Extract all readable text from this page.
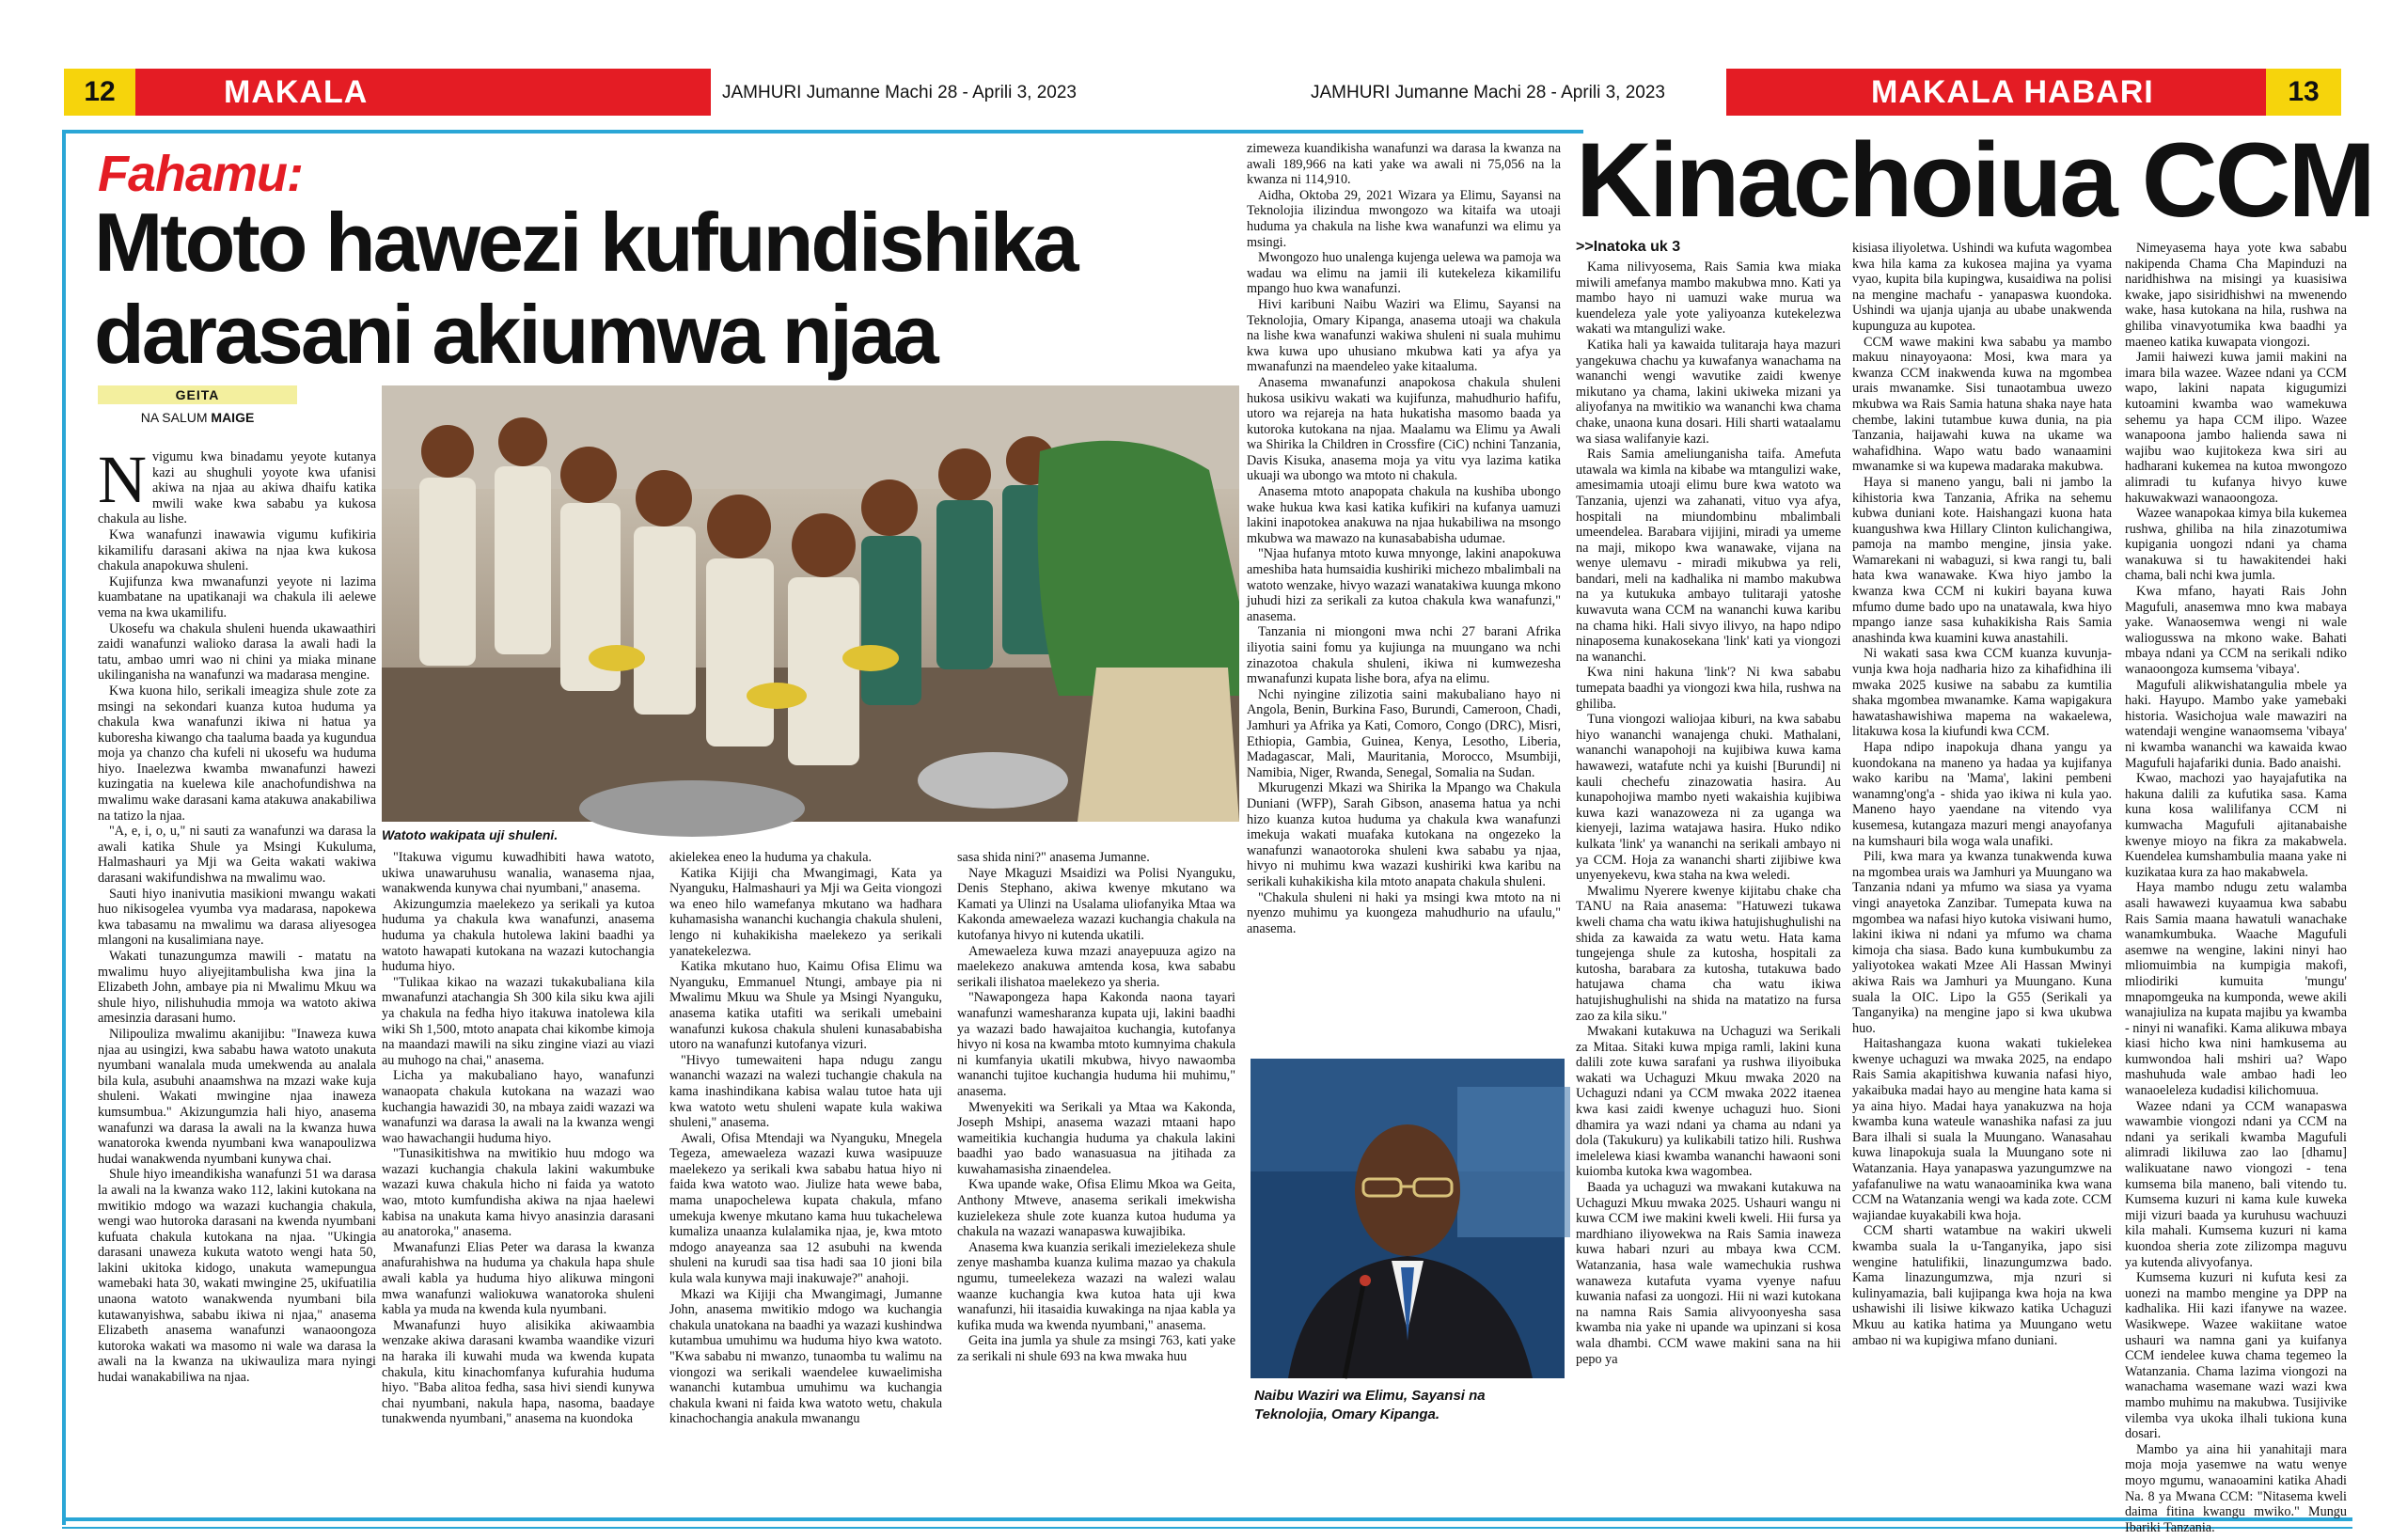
12	MAKALA	JAMHURI Jumanne Machi 28 - Aprili 3, 2023	JAMHURI Jumanne Machi 28 - Aprili 3, 2023	MAKALA HABARI	13
Fahamu:
Mtoto hawezi kufundishika
darasani akiumwa njaa
GEITA
NA SALUM MAIGE
Watoto wakipata uji shuleni.

Nvigumu kwa binadamu yeyote kutanya kazi au shughuli yoyote kwa ufanisi akiwa na njaa au akiwa dhaifu katika mwili wake kwa sababu ya kukosa chakula au lishe.

Kwa wanafunzi inawawia vigumu kufikiria kikamilifu darasani akiwa na njaa kwa kukosa chakula anapokuwa shuleni.

Kujifunza kwa mwanafunzi yeyote ni lazima kuambatane na upatikanaji wa chakula ili aelewe vema na kwa ukamilifu.

Ukosefu wa chakula shuleni huenda ukawaathiri zaidi wanafunzi walioko darasa la awali hadi la tatu, ambao umri wao ni chini ya miaka minane ukilinganisha na wanafunzi wa madarasa mengine.

Kwa kuona hilo, serikali imeagiza shule zote za msingi na sekondari kuanza kutoa huduma ya chakula kwa wanafunzi ikiwa ni hatua ya kuboresha kiwango cha taaluma baada ya kugundua moja ya chanzo cha kufeli ni ukosefu wa huduma hiyo. Inaelezwa kwamba mwanafunzi hawezi kuzingatia na kuelewa kile anachofundishwa na mwalimu wake darasani kama atakuwa anakabiliwa na tatizo la njaa.

"A, e, i, o, u," ni sauti za wanafunzi wa darasa la awali katika Shule ya Msingi Kukuluma, Halmashauri ya Mji wa Geita wakati wakiwa darasani wakifundishwa na mwalimu wao.

Sauti hiyo inanivutia masikioni mwangu wakati huo nikisogelea vyumba vya madarasa, napokewa kwa tabasamu na mwalimu wa darasa aliyesogea mlangoni na kusalimiana naye.

Wakati tunazungumza mawili - matatu na mwalimu huyo aliyejitambulisha kwa jina la Elizabeth John, ambaye pia ni Mwalimu Mkuu wa shule hiyo, nilishuhudia mmoja wa watoto akiwa amesinzia darasani humo.

Nilipouliza mwalimu akanijibu: "Inaweza kuwa njaa au usingizi, kwa sababu hawa watoto unakuta nyumbani wanalala muda umekwenda au analala bila kula, asubuhi anaamshwa na mzazi wake kuja shuleni. Wakati mwingine njaa inaweza kumsumbua." Akizungumzia hali hiyo, anasema wanafunzi wa darasa la awali na la kwanza huwa wanatoroka kwenda nyumbani kwa wanapoulizwa hudai wanakwenda nyumbani kunywa chai.

Shule hiyo imeandikisha wanafunzi 51 wa darasa la awali na la kwanza wako 112, lakini kutokana na mwitikio mdogo wa wazazi kuchangia chakula, wengi wao hutoroka darasani na kwenda nyumbani kufuata chakula kutokana na njaa. "Ukingia darasani unaweza kukuta watoto wengi hata 50, lakini ukitoka kidogo, unakuta wamepungua wamebaki hata 30, wakati mwingine 25, ukifuatilia unaona watoto wanakwenda nyumbani bila kutawanyishwa, sababu ikiwa ni njaa," anasema Elizabeth anasema wanafunzi wanaoongoza kutoroka wakati wa masomo ni wale wa darasa la awali na la kwanza na ukiwauliza mara nyingi hudai wanakabiliwa na njaa.

"Itakuwa vigumu kuwadhibiti hawa watoto, ukiwa unawaruhusu wanalia, wanasema njaa, wanakwenda kunywa chai nyumbani," anasema.

Akizungumzia maelekezo ya serikali ya kutoa huduma ya chakula kwa wanafunzi, anasema huduma ya chakula hutolewa lakini baadhi ya watoto hawapati kutokana na wazazi kutochangia huduma hiyo.

"Tulikaa kikao na wazazi tukakubaliana kila mwanafunzi atachangia Sh 300 kila siku kwa ajili ya chakula na fedha hiyo itakuwa inatolewa kila wiki Sh 1,500, mtoto anapata chai kikombe kimoja na maandazi mawili na siku zingine viazi au viazi au muhogo na chai," anasema.

Licha ya makubaliano hayo, wanafunzi wanaopata chakula kutokana na wazazi wao kuchangia hawazidi 30, na mbaya zaidi wazazi wa wanafunzi wa darasa la awali na la kwanza wengi wao hawachangii huduma hiyo.

"Tunasikitishwa na mwitikio huu mdogo wa wazazi kuchangia chakula lakini wakumbuke wazazi kuwa chakula hicho ni faida ya watoto wao, mtoto kumfundisha akiwa na njaa haelewi kabisa na unakuta kama hivyo anasinzia darasani au anatoroka," anasema.

Mwanafunzi Elias Peter wa darasa la kwanza anafurahishwa na huduma ya chakula hapa shule awali kabla ya huduma hiyo alikuwa mingoni mwa wanafunzi waliokuwa wanatoroka shuleni kabla ya muda na kwenda kula nyumbani.

Mwanafunzi huyo alisikika akiwaambia wenzake akiwa darasani kwamba waandike vizuri na haraka ili kuwahi muda wa kwenda kupata chakula, kitu kinachomfanya kufurahia huduma hiyo. "Baba alitoa fedha, sasa hivi siendi kunywa chai nyumbani, nakula hapa, nasoma, baadaye tunakwenda nyumbani," anasema na kuondoka

akielekea eneo la huduma ya chakula.

Katika Kijiji cha Mwangimagi, Kata ya Nyanguku, Halmashauri ya Mji wa Geita viongozi wa eneo hilo wamefanya mkutano wa hadhara kuhamasisha wananchi kuchangia chakula shuleni, lengo ni kuhakikisha maelekezo ya serikali yanatekelezwa.

Katika mkutano huo, Kaimu Ofisa Elimu wa Nyanguku, Emmanuel Ntungi, ambaye pia ni Mwalimu Mkuu wa Shule ya Msingi Nyanguku, anasema katika utafiti wa serikali umebaini wanafunzi kukosa chakula shuleni kunasababisha utoro na wanafunzi kutofanya vizuri.

"Hivyo tumewaiteni hapa ndugu zangu wananchi wazazi na walezi tuchangie chakula na kama inashindikana kabisa walau tutoe hata uji kwa watoto wetu shuleni wapate kula wakiwa shuleni," anasema.

Awali, Ofisa Mtendaji wa Nyanguku, Mnegela Tegeza, amewaeleza wazazi kuwa wasipuuze maelekezo ya serikali kwa sababu hatua hiyo ni faida kwa watoto wao. Jiulize hata wewe baba, mama unapochelewa kupata chakula, mfano umekuja kwenye mkutano kama huu tukachelewa kumaliza unaanza kulalamika njaa, je, kwa mtoto mdogo anayeanza saa 12 asubuhi na kwenda shuleni na kurudi saa tisa hadi saa 10 jioni bila kula wala kunywa maji inakuwaje?" anahoji.

Mkazi wa Kijiji cha Mwangimagi, Jumanne John, anasema mwitikio mdogo wa kuchangia chakula unatokana na baadhi ya wazazi kushindwa kutambua umuhimu wa huduma hiyo kwa watoto. "Kwa sababu ni mwanzo, tunaomba tu walimu na viongozi wa serikali waendelee kuwaelimisha wananchi kutambua umuhimu wa kuchangia chakula kwani ni faida kwa watoto wetu, chakula kinachochangia anakula mwanangu

sasa shida nini?" anasema Jumanne.

Naye Mkaguzi Msaidizi wa Polisi Nyanguku, Denis Stephano, akiwa kwenye mkutano wa Kamati ya Ulinzi na Usalama uliofanyika Mtaa wa Kakonda amewaeleza wazazi kuchangia chakula na kutofanya hivyo ni kutenda ukatili.

Amewaeleza kuwa mzazi anayepuuza agizo na maelekezo anakuwa amtenda kosa, kwa sababu serikali ilishatoa maelekezo ya sheria.

"Nawapongeza hapa Kakonda naona tayari wanafunzi wamesharanza kupata uji, lakini baadhi ya wazazi bado hawajaitoa kuchangia, kutofanya hivyo ni kosa na kwamba mtoto kumnyima chakula ni kumfanyia ukatili mkubwa, hivyo nawaomba wananchi tujitoe kuchangia huduma hii muhimu," anasema.

Mwenyekiti wa Serikali ya Mtaa wa Kakonda, Joseph Mshipi, anasema wazazi mtaani hapo wameitikia kuchangia huduma ya chakula lakini baadhi yao bado wanasuasua na jitihada za kuwahamasisha zinaendelea.

Kwa upande wake, Ofisa Elimu Mkoa wa Geita, Anthony Mtweve, anasema serikali imekwisha kuzielekeza shule zote kuanza kutoa huduma ya chakula na wazazi wanapaswa kuwajibika.

Anasema kwa kuanzia serikali imezielekeza shule zenye mashamba kuanza kulima mazao ya chakula ngumu, tumeelekeza wazazi na walezi walau waanze kuchangia kwa kutoa hata uji kwa wanafunzi, hii itasaidia kuwakinga na njaa kabla ya kufika muda wa kwenda nyumbani," anasema.

Geita ina jumla ya shule za msingi 763, kati yake za serikali ni shule 693 na kwa mwaka huu

zimeweza kuandikisha wanafunzi wa darasa la kwanza na awali 189,966 na kati yake wa awali ni 75,056 na la kwanza ni 114,910.

Aidha, Oktoba 29, 2021 Wizara ya Elimu, Sayansi na Teknolojia ilizindua mwongozo wa kitaifa wa utoaji huduma ya chakula na lishe kwa wanafunzi wa elimu ya msingi.

Mwongozo huo unalenga kujenga uelewa wa pamoja wa wadau wa elimu na jamii ili kutekeleza kikamilifu mpango huo kwa wanafunzi.

Hivi karibuni Naibu Waziri wa Elimu, Sayansi na Teknolojia, Omary Kipanga, anasema utoaji wa chakula na lishe kwa wanafunzi wakiwa shuleni ni suala muhimu kwa kuwa upo uhusiano mkubwa kati ya afya ya mwanafunzi na maendeleo yake kitaaluma.

Anasema mwanafunzi anapokosa chakula shuleni hukosa usikivu wakati wa kujifunza, mahudhurio hafifu, utoro wa rejareja na hata hukatisha masomo baada ya kutoroka kutokana na njaa. Maalamu wa Elimu ya Awali wa Shirika la Children in Crossfire (CiC) nchini Tanzania, Davis Kisuka, anasema moja ya vitu vya lazima katika ukuaji wa ubongo wa mtoto ni chakula.

Anasema mtoto anapopata chakula na kushiba ubongo wake hukua kwa kasi katika kufikiri na kufanya uamuzi lakini inapotokea anakuwa na njaa hukabiliwa na msongo mkubwa wa mawazo na kunasababisha udumae.

"Njaa hufanya mtoto kuwa mnyonge, lakini anapokuwa ameshiba hata humsaidia kushiriki michezo mbalimbali na watoto wenzake, hivyo wazazi wanatakiwa kuunga mkono juhudi hizi za serikali za kutoa chakula kwa wanafunzi," anasema.

Tanzania ni miongoni mwa nchi 27 barani Afrika iliyotia saini fomu ya kujiunga na muungano wa nchi zinazotoa chakula shuleni, ikiwa ni kumwezesha mwanafunzi kupata lishe bora, afya na elimu.

Nchi nyingine zilizotia saini makubaliano hayo ni Angola, Benin, Burkina Faso, Burundi, Cameroon, Chadi, Jamhuri ya Afrika ya Kati, Comoro, Congo (DRC), Misri, Ethiopia, Gambia, Guinea, Kenya, Lesotho, Liberia, Madagascar, Mali, Mauritania, Morocco, Msumbiji, Namibia, Niger, Rwanda, Senegal, Somalia na Sudan.

Mkurugenzi Mkazi wa Shirika la Mpango wa Chakula Duniani (WFP), Sarah Gibson, anasema hatua ya nchi hizo kuanza kutoa huduma ya chakula kwa wanafunzi imekuja wakati muafaka kutokana na ongezeko la wanafunzi wanaotoroka shuleni kwa sababu ya njaa, hivyo ni muhimu kwa wazazi kushiriki kwa karibu na serikali kuhakikisha kila mtoto anapata chakula shuleni.

"Chakula shuleni ni haki ya msingi kwa mtoto na ni nyenzo muhimu ya kuongeza mahudhurio na ufaulu," anasema.

Naibu Waziri wa Elimu, Sayansi na
Teknolojia, Omary Kipanga.
Kinachoiua CCM
>>Inatoka uk 3

Kama nilivyosema, Rais Samia kwa miaka miwili amefanya mambo makubwa mno. Kati ya mambo hayo ni uamuzi wake murua wa kuendeleza yale yote yaliyoanza kutekelezwa wakati wa mtangulizi wake.

Katika hali ya kawaida tulitaraja haya mazuri yangekuwa chachu ya kuwafanya wanachama na wananchi wengi wavutike zaidi kwenye mikutano ya chama, lakini ukiweka mizani ya aliyofanya na mwitikio wa wananchi kwa chama chake, unaona kuna dosari. Hili sharti wataalamu wa siasa walifanyie kazi.

Rais Samia ameliunganisha taifa. Amefuta utawala wa kimla na kibabe wa mtangulizi wake, amesimamia utoaji elimu bure kwa watoto wa Tanzania, ujenzi wa zahanati, vituo vya afya, hospitali na miundombinu mbalimbali umeendelea. Barabara vijijini, miradi ya umeme na maji, mikopo kwa wanawake, vijana na wenye ulemavu - miradi mikubwa ya reli, bandari, meli na kadhalika ni mambo makubwa na ya kutukuka ambayo tulitaraji yatoshe kuwavuta wana CCM na wananchi kuwa karibu na chama hiki. Hali sivyo ilivyo, na hapo ndipo ninaposema kunakosekana 'link' kati ya viongozi na wananchi.

Kwa nini hakuna 'link'? Ni kwa sababu tumepata baadhi ya viongozi kwa hila, rushwa na ghiliba.

Tuna viongozi waliojaa kiburi, na kwa sababu hiyo wananchi wanajenga chuki. Mathalani, wananchi wanapohoji na kujibiwa kuwa kama hawawezi, watafute nchi ya kuishi [Burundi] ni kauli chechefu zinazowatia hasira. Au kunapohojiwa mambo nyeti wakaishia kujibiwa kuwa kazi wanazoweza ni za uganga wa kienyeji, lazima watajawa hasira. Huko ndiko kulkata 'link' ya wananchi na serikali ambayo ni ya CCM. Hoja za wananchi sharti zijibiwe kwa unyenyekevu, kwa staha na kwa weledi.

Mwalimu Nyerere kwenye kijitabu chake cha TANU na Raia anasema: "Hatuwezi tukawa kweli chama cha watu ikiwa hatujishughulishi na shida za kawaida za watu wetu. Hata kama tungejenga shule za kutosha, hospitali za kutosha, barabara za kutosha, tutakuwa bado hatujawa chama cha watu ikiwa hatujishughulishi na shida na matatizo na fursa zao za kila siku."

Mwakani kutakuwa na Uchaguzi wa Serikali za Mitaa. Sitaki kuwa mpiga ramli, lakini kuna dalili zote kuwa sarafani ya rushwa iliyoibuka wakati wa Uchaguzi Mkuu mwaka 2020 na Uchaguzi ndani ya CCM mwaka 2022 itaenea kwa kasi zaidi kwenye uchaguzi huo. Sioni dhamira ya wazi ndani ya chama au ndani ya dola (Takukuru) ya kulikabili tatizo hili. Rushwa imelelewa kiasi kwamba wananchi hawaoni soni kuiomba kutoka kwa wagombea.

Baada ya uchaguzi wa mwakani kutakuwa na Uchaguzi Mkuu mwaka 2025. Ushauri wangu ni kuwa CCM iwe makini kweli kweli. Hii fursa ya mardhiano iliyowekwa na Rais Samia inaweza kuwa habari nzuri au mbaya kwa CCM. Watanzania, hasa wale wamechukia rushwa wanaweza kutafuta vyama vyenye nafuu kuwania nafasi za uongozi. Hii ni wazi kutokana na namna Rais Samia alivyoonyesha sasa kwamba nia yake ni upande wa upinzani si kosa wala dhambi. CCM wawe makini sana na hii pepo ya

kisiasa iliyoletwa. Ushindi wa kufuta wagombea kwa hila kama za kukosea majina ya vyama vyao, kupita bila kupingwa, kusaidiwa na polisi na mengine machafu - yanapaswa kuondoka. Ushindi wa ujanja ujanja au ubabe unakwenda kupunguza au kupotea.

CCM wawe makini kwa sababu ya mambo makuu ninayoyaona: Mosi, kwa mara ya kwanza CCM inakwenda kuwa na mgombea urais mwanamke. Sisi tunaotambua uwezo mkubwa wa Rais Samia hatuna shaka naye hata chembe, lakini tutambue kuwa dunia, na pia Tanzania, haijawahi kuwa na ukame wa wahafidhina. Wapo watu bado wanaamini mwanamke si wa kupewa madaraka makubwa.

Haya si maneno yangu, bali ni jambo la kihistoria kwa Tanzania, Afrika na sehemu kubwa duniani kote. Haishangazi kuona hata kuangushwa kwa Hillary Clinton kulichangiwa, pamoja na mambo mengine, jinsia yake. Wamarekani ni wabaguzi, si kwa rangi tu, bali hata kwa wanawake. Kwa hiyo jambo la kwanza kwa CCM ni kukiri bayana kuwa mfumo dume bado upo na unatawala, kwa hiyo mpango ianze sasa kuhakikisha Rais Samia anashinda kwa kuamini kuwa anastahili.

Ni wakati sasa kwa CCM kuanza kuvunja-vunja kwa hoja nadharia hizo za kihafidhina ili mwaka 2025 kusiwe na sababu za kumtilia shaka mgombea mwanamke. Kama wapigakura hawatashawishiwa mapema na wakaelewa, litakuwa kosa la kiufundi kwa CCM.

Hapa ndipo inapokuja dhana yangu ya kuondokana na maneno ya hadaa ya kujifanya wako karibu na 'Mama', lakini pembeni wanamng'ong'a - shida yao ikiwa ni kula yao. Maneno hayo yaendane na vitendo vya kusemesa, kutangaza mazuri mengi anayofanya na kumshauri bila woga wala unafiki.

Pili, kwa mara ya kwanza tunakwenda kuwa na mgombea urais wa Jamhuri ya Muungano wa Tanzania ndani ya mfumo wa siasa ya vyama vingi anayetoka Zanzibar. Tumepata kuwa na mgombea wa nafasi hiyo kutoka visiwani humo, lakini ikiwa ni ndani ya mfumo wa chama kimoja cha siasa. Bado kuna kumbukumbu za yaliyotokea wakati Mzee Ali Hassan Mwinyi akiwa Rais wa Jamhuri ya Muungano. Kuna suala la OIC. Lipo la G55 (Serikali ya Tanganyika) na mengine japo si kwa ukubwa huo.

Haitashangaza kuona wakati tukielekea kwenye uchaguzi wa mwaka 2025, na endapo Rais Samia akapitishwa kuwania nafasi hiyo, yakaibuka madai hayo au mengine hata kama si ya aina hiyo. Madai haya yanakuzwa na hoja kwamba kuna wateule wanashika nafasi za juu Bara ilhali si suala la Muungano. Wanasahau kuwa linapokuja suala la Muungano sote ni Watanzania. Haya yanapaswa yazungumzwe na yafafanuliwe na watu wanaoaminika kwa wana CCM na Watanzania wengi wa kada zote. CCM wajiandae kuyakabili kwa hoja.

CCM sharti watambue na wakiri ukweli kwamba suala la u-Tanganyika, japo sisi wengine hatulifikii, linazungumzwa bado. Kama linazungumzwa, mja nzuri si kulinyamazia, bali kujipanga kwa hoja na kwa ushawishi ili lisiwe kikwazo katika Uchaguzi Mkuu au katika hatima ya Muungano wetu ambao ni wa kupigiwa mfano duniani.

Nimeyasema haya yote kwa sababu nakipenda Chama Cha Mapinduzi na naridhishwa na misingi ya kuasisiwa kwake, japo sisiridhishwi na mwenendo wake, hasa kutokana na hila, rushwa na ghiliba vinavyotumika kwa baadhi ya maeneo katika kuwapata viongozi.

Jamii haiwezi kuwa jamii makini na imara bila wazee. Wazee ndani ya CCM wapo, lakini napata kigugumizi kutoamini kwamba wao wamekuwa sehemu ya hapa CCM ilipo. Wazee wanapoona jambo halienda sawa ni wajibu wao kujitokeza kwa siri au hadharani kukemea na kutoa mwongozo alimradi tu kufanya hivyo kuwe hakuwakwazi wanaoongoza.

Wazee wanapokaa kimya bila kukemea rushwa, ghiliba na hila zinazotumiwa kupigania uongozi ndani ya chama wanakuwa si tu hawakitendei haki chama, bali nchi kwa jumla.

Kwa mfano, hayati Rais John Magufuli, anasemwa mno kwa mabaya yake. Wanaosemwa wengi ni wale waliogusswa na mkono wake. Bahati mbaya ndani ya CCM na serikali ndiko wanaoongoza kumsema 'vibaya'.

Magufuli alikwishatangulia mbele ya haki. Hayupo. Mambo yake yamebaki historia. Wasichojua wale mawaziri na watendaji wengine wanaomsema 'vibaya' ni kwamba wananchi wa kawaida kwao Magufuli hajafariki dunia. Bado anaishi.

Kwao, machozi yao hayajafutika na hakuna dalili za kufutika sasa. Kama kuna kosa walilifanya CCM ni kumwacha Magufuli ajitanabaishe kwenye mioyo na fikra za makabwela. Kuendelea kumshambulia maana yake ni kuzikataa kura za hao makabwela.

Haya mambo ndugu zetu walamba asali hawawezi kuyaamua kwa sababu Rais Samia maana hawatuli wanachake wanamkumbuka. Waache Magufuli asemwe na wengine, lakini ninyi hao mliomuimbia na kumpigia makofi, mliodiriki kumuita 'mungu' mnapomgeuka na kumponda, wewe akili wanajiuliza na kupata majibu ya kwamba - ninyi ni wanafiki. Kama alikuwa mbaya kiasi hicho kwa nini hamkusema au kumwondoa hali mshiri ua? Wapo mashuhuda wale ambao hadi leo wanaoeleleza kudadisi kilichomuua.

Wazee ndani ya CCM wanapaswa wawambie viongozi ndani ya CCM na ndani ya serikali kwamba Magufuli alimradi likiluwa zao lao [dhamu] walikuatane nawo viongozi - tena kumsema bila maneno, bali vitendo tu. Kumsema kuzuri ni kama kule kuweka miji vizuri baada ya kuruhusu wachuuzi kila mahali. Kumsema kuzuri ni kama kuondoa sheria zote zilizompa maguvu ya kutenda alivyofanya.

Kumsema kuzuri ni kufuta kesi za uonezi na mambo mengine ya DPP na kadhalika. Hii kazi ifanywe na wazee. Wasikwepe. Wazee wakiitane watoe ushauri wa namna gani ya kuifanya CCM iendelee kuwa chama tegemeo la Watanzania. Chama lazima viongozi na wanachama wasemane wazi wazi kwa mambo muhimu na makubwa. Tusijivike vilemba vya ukoka ilhali tukiona kuna dosari.

Mambo ya aina hii yanahitaji mara moja moja yasemwe na watu wenye moyo mgumu, wanaoamini katika Ahadi Na. 8 ya Mwana CCM: "Nitasema kweli daima fitina kwangu mwiko." Mungu Ibariki Tanzania.
